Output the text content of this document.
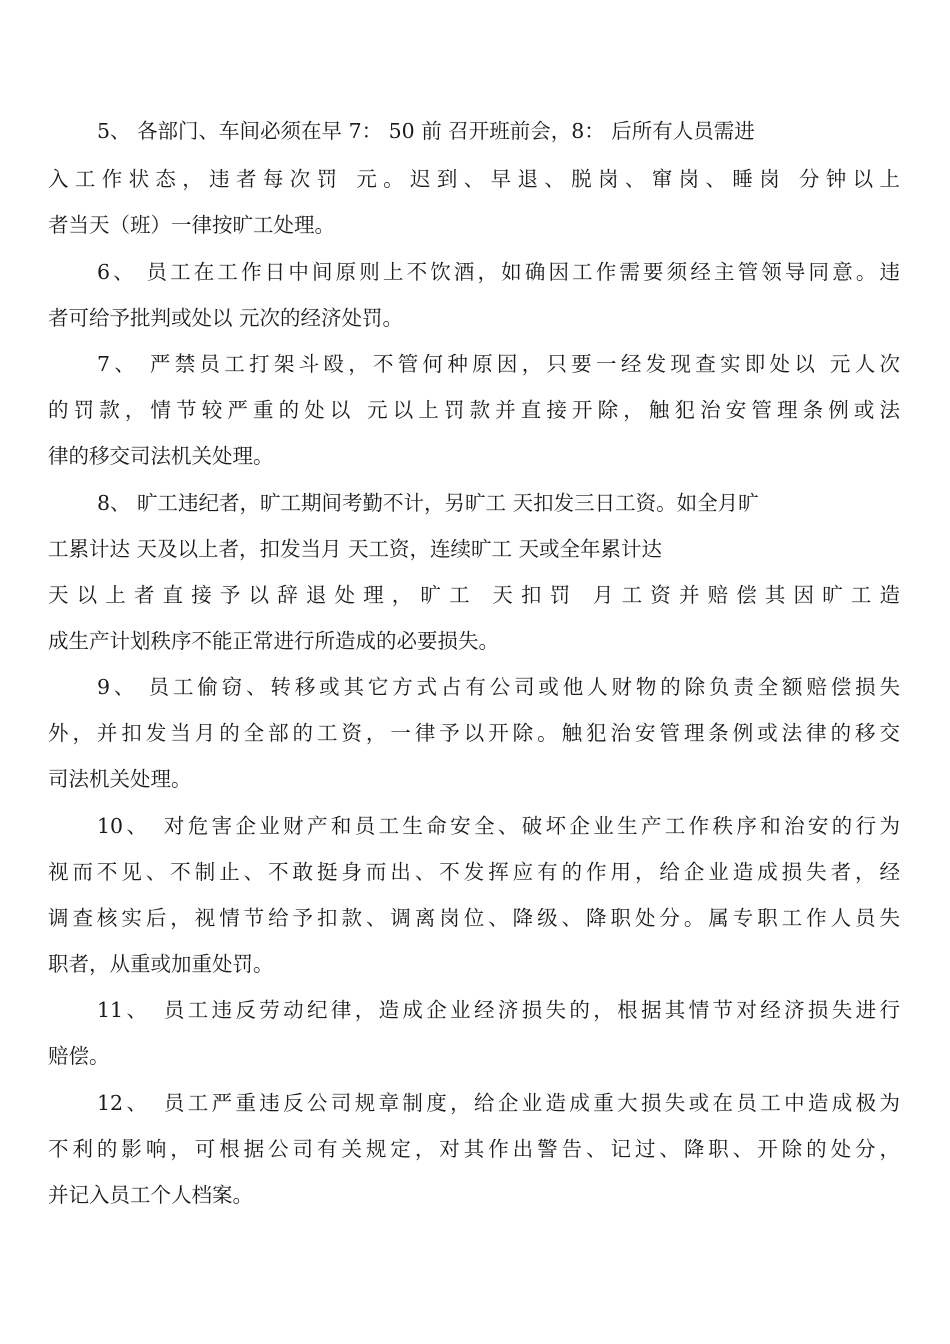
5、 各部门、车间必须在早 7： 50 前 召开班前会，8： 后所有人员需进
入工作状态，违者每次罚 元。迟到、早退、脱岗、窜岗、睡岗 分钟以上
者当天（班）一律按旷工处理。
6、 员工在工作日中间原则上不饮酒，如确因工作需要须经主管领导同意。违
者可给予批判或处以 元次的经济处罚。
7、 严禁员工打架斗殴，不管何种原因，只要一经发现查实即处以 元人次
的罚款，情节较严重的处以 元以上罚款并直接开除，触犯治安管理条例或法
律的移交司法机关处理。
8、 旷工违纪者，旷工期间考勤不计，另旷工 天扣发三日工资。如全月旷
工累计达 天及以上者，扣发当月 天工资，连续旷工 天或全年累计达
天以上者直接予以辞退处理，旷工 天扣罚 月工资并赔偿其因旷工造
成生产计划秩序不能正常进行所造成的必要损失。
9、 员工偷窃、转移或其它方式占有公司或他人财物的除负责全额赔偿损失
外，并扣发当月的全部的工资，一律予以开除。触犯治安管理条例或法律的移交
司法机关处理。
10、　对危害企业财产和员工生命安全、破坏企业生产工作秩序和治安的行为
视而不见、不制止、不敢挺身而出、不发挥应有的作用，给企业造成损失者，经
调查核实后，视情节给予扣款、调离岗位、降级、降职处分。属专职工作人员失
职者，从重或加重处罚。
11、　员工违反劳动纪律，造成企业经济损失的，根据其情节对经济损失进行
赔偿。
12、　员工严重违反公司规章制度，给企业造成重大损失或在员工中造成极为
不利的影响，可根据公司有关规定，对其作出警告、记过、降职、开除的处分，
并记入员工个人档案。
